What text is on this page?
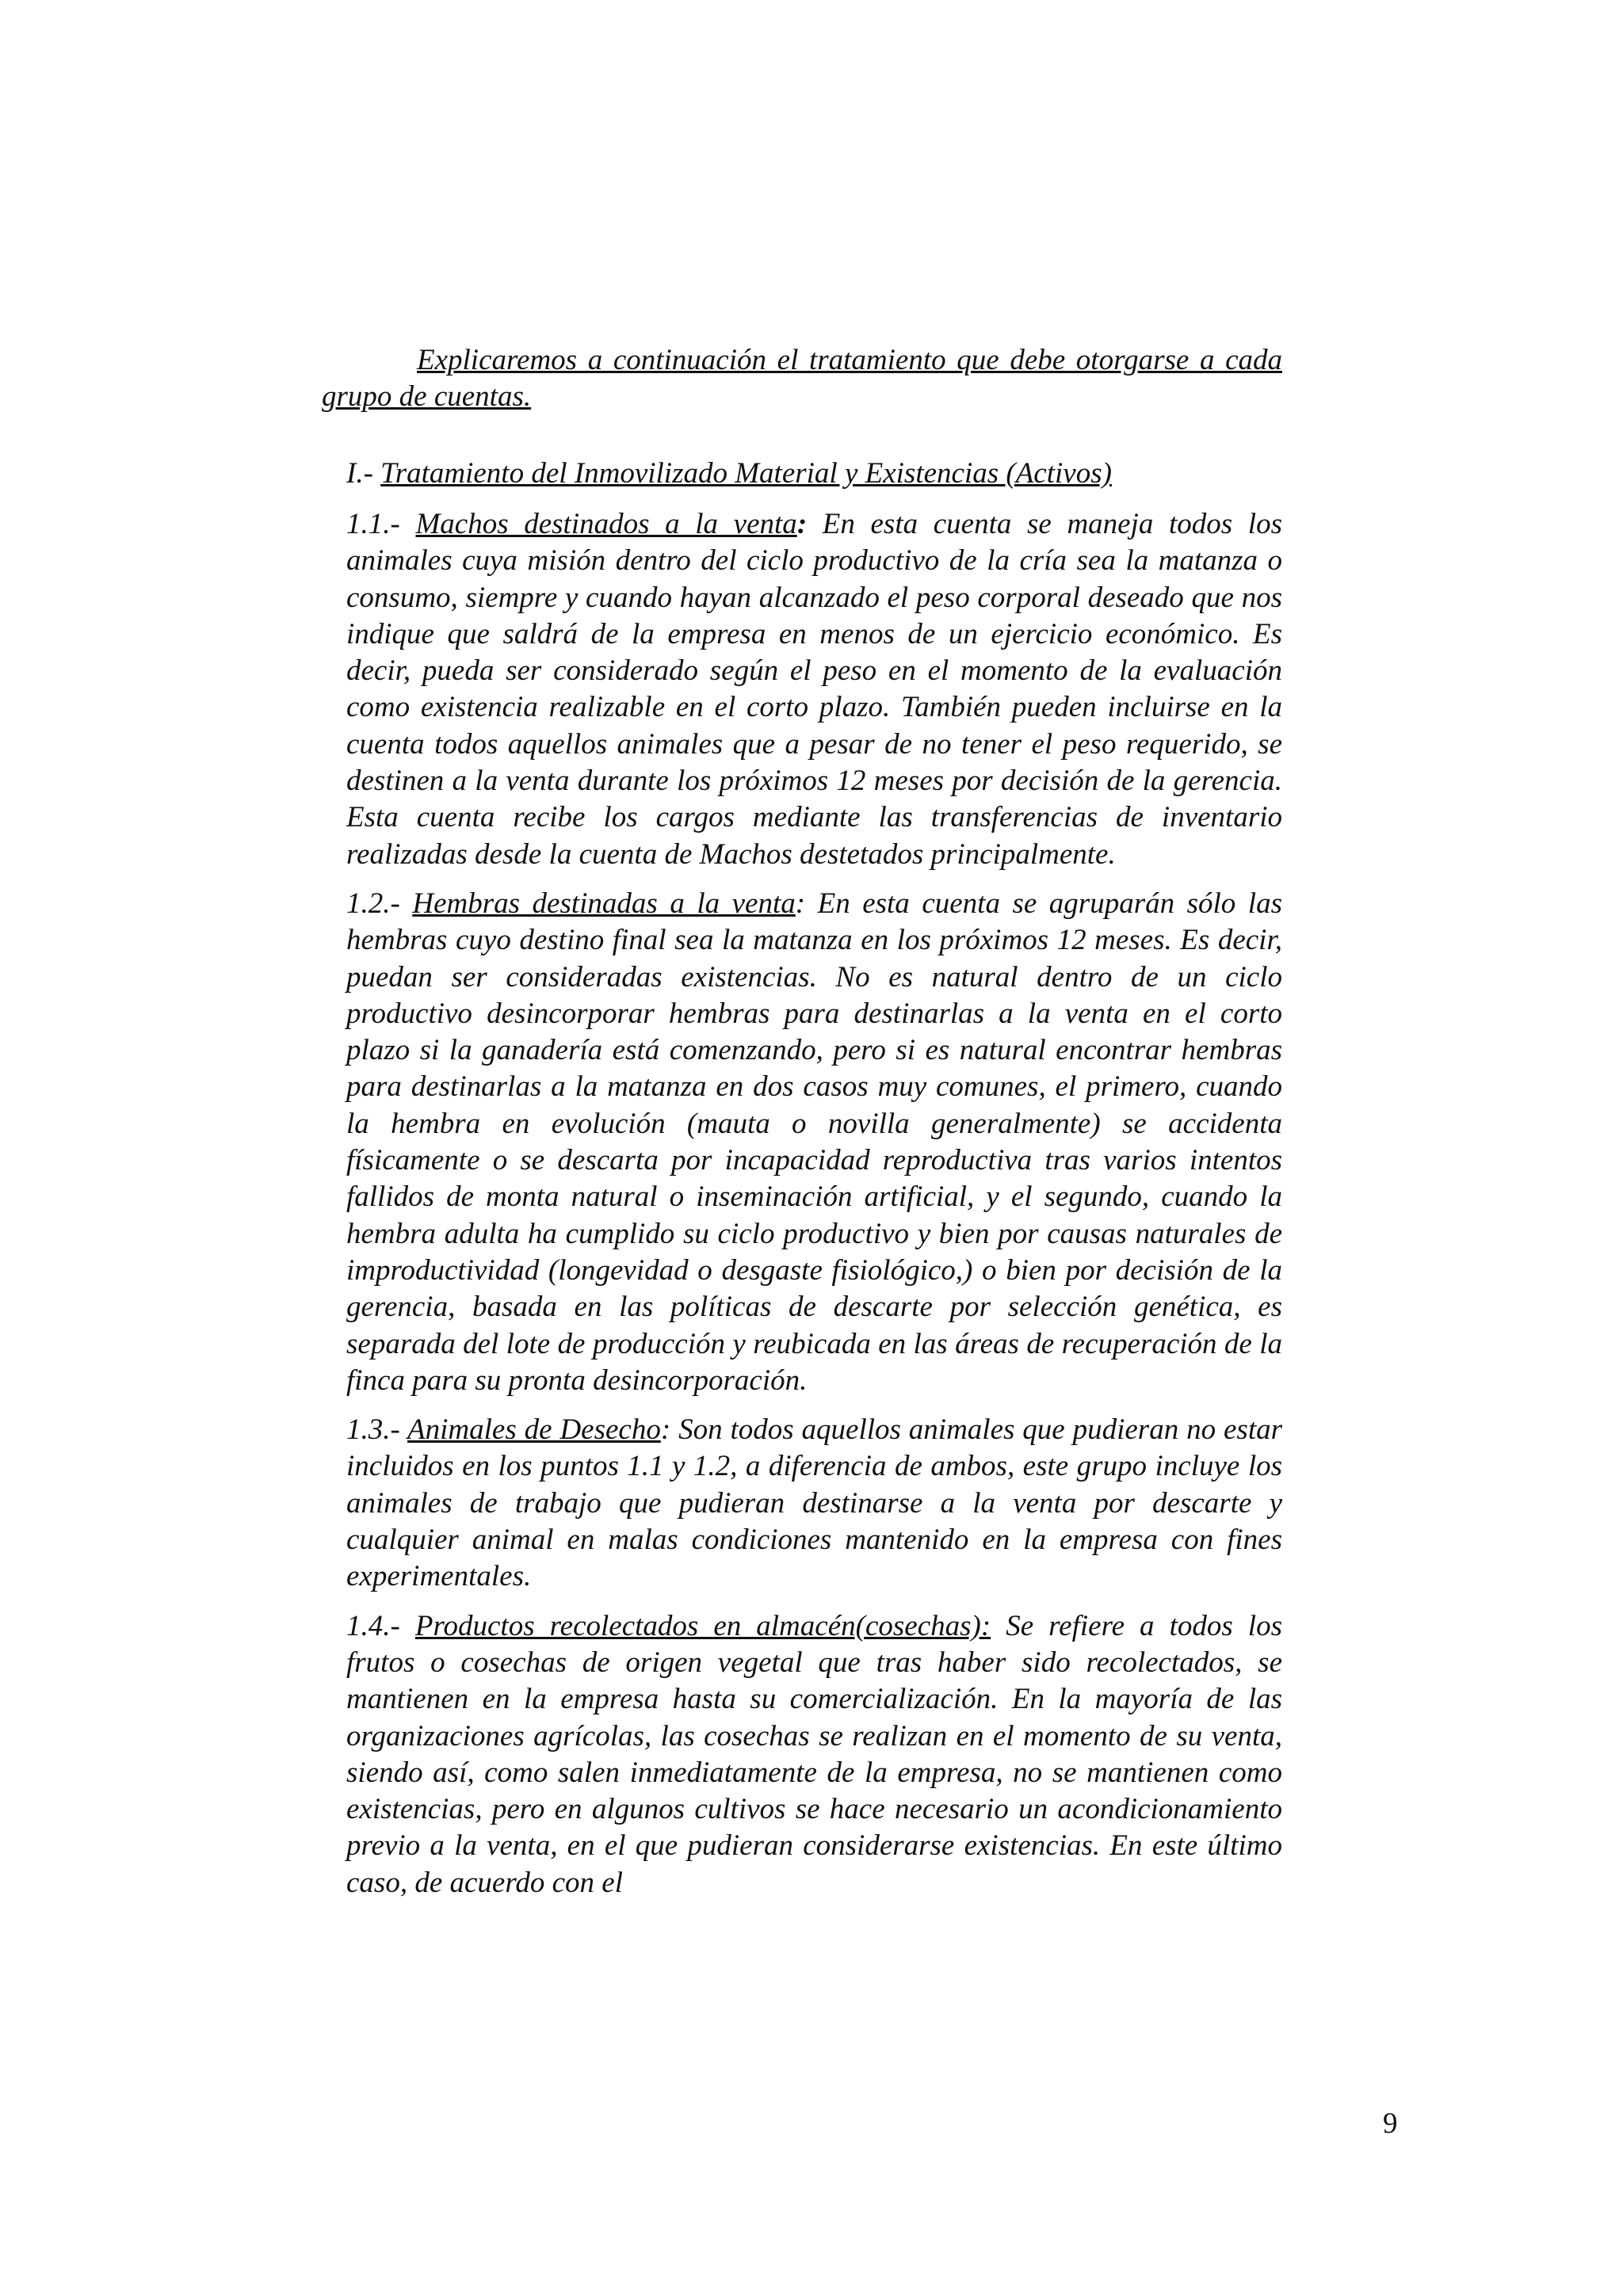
Explicaremos a continuación el tratamiento que debe otorgarse a cada grupo de cuentas.

I.- Tratamiento del Inmovilizado Material y Existencias (Activos)

1.1.- Machos destinados a la venta: En esta cuenta se maneja todos los animales cuya misión dentro del ciclo productivo de la cría sea la matanza o consumo, siempre y cuando hayan alcanzado el peso corporal deseado que nos indique que saldrá de la empresa en menos de un ejercicio económico. Es decir, pueda ser considerado según el peso en el momento de la evaluación como existencia realizable en el corto plazo. También pueden incluirse en la cuenta todos aquellos animales que a pesar de no tener el peso requerido, se destinen a la venta durante los próximos 12 meses por decisión de la gerencia. Esta cuenta recibe los cargos mediante las transferencias de inventario realizadas desde la cuenta de Machos destetados principalmente.

1.2.- Hembras destinadas a la venta: En esta cuenta se agruparán sólo las hembras cuyo destino final sea la matanza en los próximos 12 meses. Es decir, puedan ser consideradas existencias. No es natural dentro de un ciclo productivo desincorporar hembras para destinarlas a la venta en el corto plazo si la ganadería está comenzando, pero si es natural encontrar hembras para destinarlas a la matanza en dos casos muy comunes, el primero, cuando la hembra en evolución (mauta o novilla generalmente) se accidenta físicamente o se descarta por incapacidad reproductiva tras varios intentos fallidos de monta natural o inseminación artificial, y el segundo, cuando la hembra adulta ha cumplido su ciclo productivo y bien por causas naturales de improductividad (longevidad o desgaste fisiológico,) o bien por decisión de la gerencia, basada en las políticas de descarte por selección genética, es separada del lote de producción y reubicada en las áreas de recuperación de la finca para su pronta desincorporación.

1.3.- Animales de Desecho: Son todos aquellos animales que pudieran no estar incluidos en los puntos 1.1 y 1.2, a diferencia de ambos, este grupo incluye los animales de trabajo que pudieran destinarse a la venta por descarte y cualquier animal en malas condiciones mantenido en la empresa con fines experimentales.

1.4.- Productos recolectados en almacén(cosechas): Se refiere a todos los frutos o cosechas de origen vegetal que tras haber sido recolectados, se mantienen en la empresa hasta su comercialización. En la mayoría de las organizaciones agrícolas, las cosechas se realizan en el momento de su venta, siendo así, como salen inmediatamente de la empresa, no se mantienen como existencias, pero en algunos cultivos se hace necesario un acondicionamiento previo a la venta, en el que pudieran considerarse existencias. En este último caso, de acuerdo con el

9
